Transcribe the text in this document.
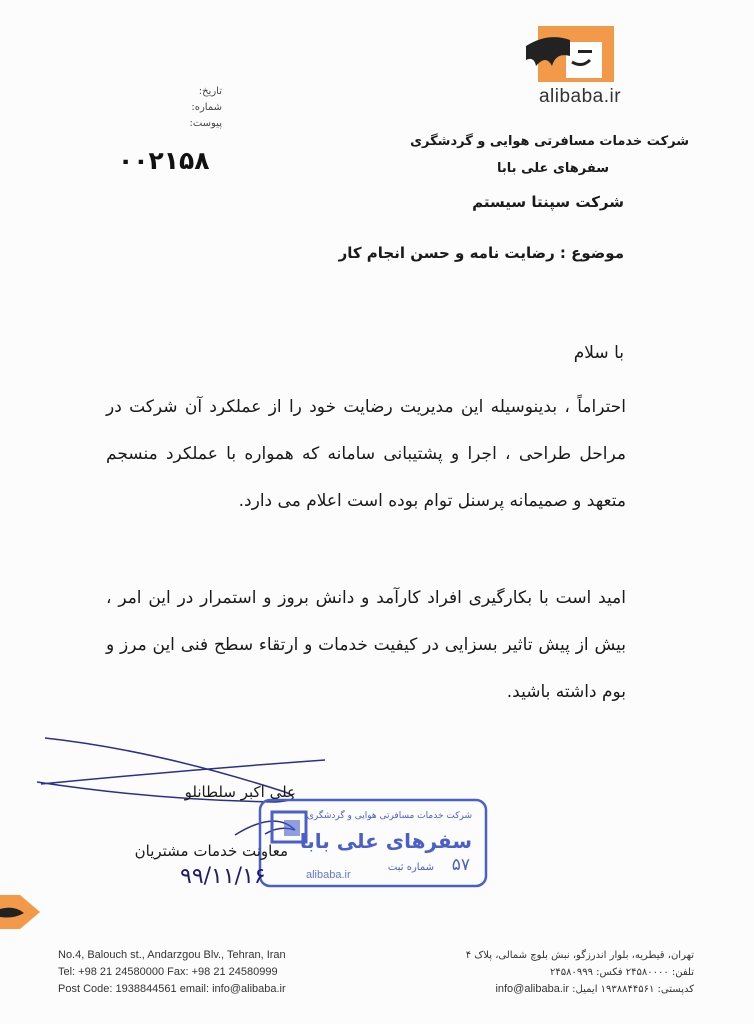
alibaba.ir
شرکت خدمات مسافرتی هوایی و گردشگری
سفرهای علی بابا
تاریخ:
شماره:
پیوست:
۰۰۲۱۵۸
شرکت سپنتا سیستم
موضوع : رضایت نامه و حسن انجام کار
با سلام
احتراماً ، بدینوسیله این مدیریت رضایت خود را از عملکرد آن شرکت در مراحل طراحی ، اجرا و پشتیبانی سامانه که همواره با عملکرد منسجم متعهد و صمیمانه پرسنل توام بوده است اعلام می دارد.
امید است با بکارگیری افراد کارآمد و دانش بروز و استمرار در این امر ، بیش از پیش تاثیر بسزایی در کیفیت خدمات و ارتقاء سطح فنی این مرز و بوم داشته باشید.
alibaba.ir
شرکت خدمات مسافرتی هوایی و گردشگری
سفرهای علی بابا
شماره ثبت ۵۷
علی اکبر سلطانلو
معاونت خدمات مشتریان
۹۹/۱۱/۱۶
No.4, Balouch st., Andarzgou Blv., Tehran, Iran
Tel: +98 21 24580000 Fax: +98 21 24580999
Post Code: 1938844561 email: info@alibaba.ir
تهران، قیطریه، بلوار اندرزگو، نبش بلوچ شمالی، پلاک ۴
تلفن: ۲۴۵۸۰۰۰۰ فکس: ۲۴۵۸۰۹۹۹
کدپستی: ۱۹۳۸۸۴۴۵۶۱ ایمیل: info@alibaba.ir
